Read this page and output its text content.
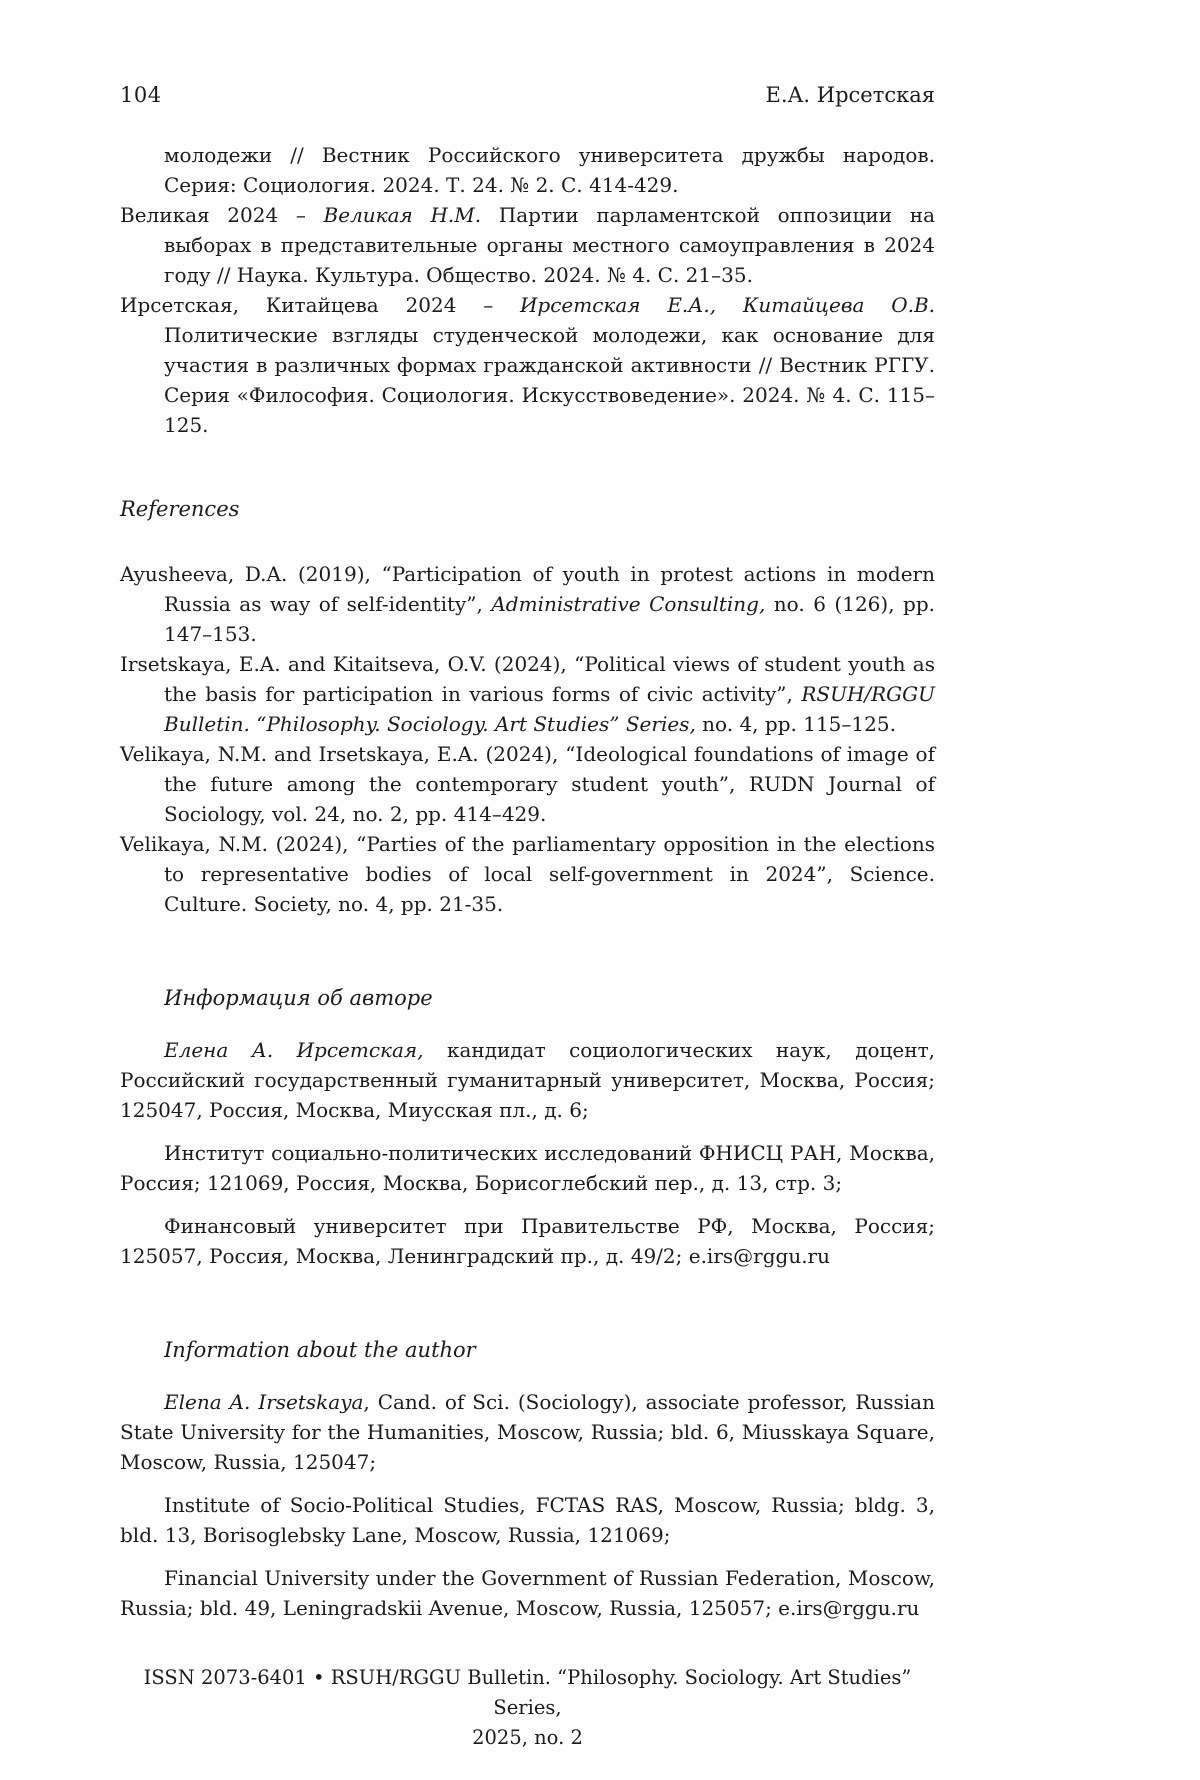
104	Е.А. Ирсетская

молодежи // Вестник Российского университета дружбы народов. Серия: Социология. 2024. Т. 24. № 2. С. 414-429.

Великая 2024 – Великая Н.М. Партии парламентской оппозиции на выборах в представительные органы местного самоуправления в 2024 году // Наука. Культура. Общество. 2024. № 4. С. 21–35.

Ирсетская, Китайцева 2024 – Ирсетская Е.А., Китайцева О.В. Политические взгляды студенческой молодежи, как основание для участия в различных формах гражданской активности // Вестник РГГУ. Серия «Философия. Социология. Искусствоведение». 2024. № 4. С. 115–125.

References

Ayusheeva, D.A. (2019), “Participation of youth in protest actions in modern Russia as way of self-identity”, Administrative Consulting, no. 6 (126), pp. 147–153.

Irsetskaya, E.A. and Kitaitseva, O.V. (2024), “Political views of student youth as the basis for participation in various forms of civic activity”, RSUH/RGGU Bulletin. “Philosophy. Sociology. Art Studies” Series, no. 4, pp. 115–125.

Velikaya, N.M. and Irsetskaya, E.A. (2024), “Ideological foundations of image of the future among the contemporary student youth”, RUDN Journal of Sociology, vol. 24, no. 2, pp. 414–429.

Velikaya, N.M. (2024), “Parties of the parliamentary opposition in the elections to representative bodies of local self-government in 2024”, Science. Culture. Society, no. 4, pp. 21-35.

Информация об авторе

Елена А. Ирсетская, кандидат социологических наук, доцент, Российский государственный гуманитарный университет, Москва, Россия; 125047, Россия, Москва, Миусская пл., д. 6;

Институт социально-политических исследований ФНИСЦ РАН, Москва, Россия; 121069, Россия, Москва, Борисоглебский пер., д. 13, стр. 3;

Финансовый университет при Правительстве РФ, Москва, Россия; 125057, Россия, Москва, Ленинградский пр., д. 49/2; e.irs@rggu.ru

Information about the author

Elena A. Irsetskaya, Cand. of Sci. (Sociology), associate professor, Russian State University for the Humanities, Moscow, Russia; bld. 6, Miusskaya Square, Moscow, Russia, 125047;

Institute of Socio-Political Studies, FCTAS RAS, Moscow, Russia; bldg. 3, bld. 13, Borisoglebsky Lane, Moscow, Russia, 121069;

Financial University under the Government of Russian Federation, Moscow, Russia; bld. 49, Leningradskii Avenue, Moscow, Russia, 125057; e.irs@rggu.ru

ISSN 2073-6401 • RSUH/RGGU Bulletin. “Philosophy. Sociology. Art Studies” Series,
2025, no. 2
